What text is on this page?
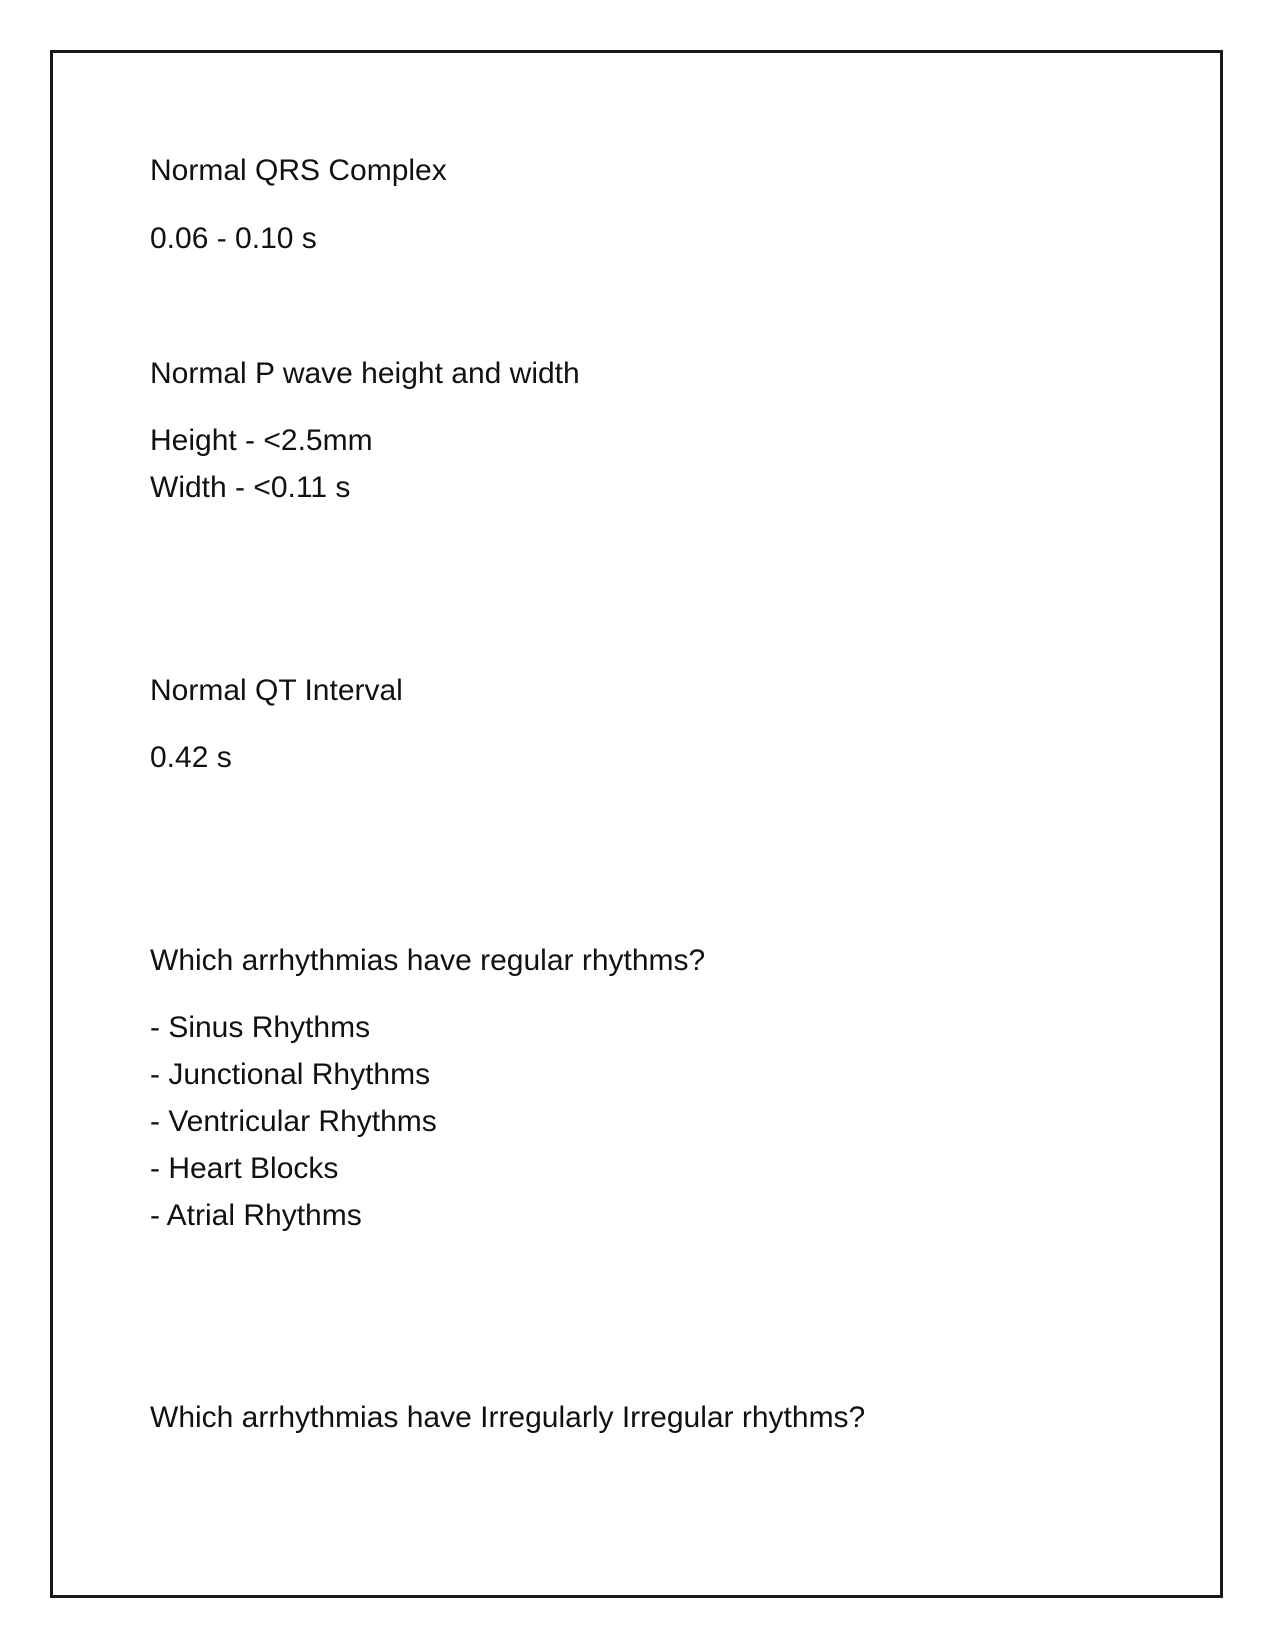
Normal QRS Complex
0.06 - 0.10 s
Normal P wave height and width
Height - <2.5mm
Width - <0.11 s
Normal QT Interval
0.42 s
Which arrhythmias have regular rhythms?
- Sinus Rhythms
- Junctional Rhythms
- Ventricular Rhythms
- Heart Blocks
- Atrial Rhythms
Which arrhythmias have Irregularly Irregular rhythms?
